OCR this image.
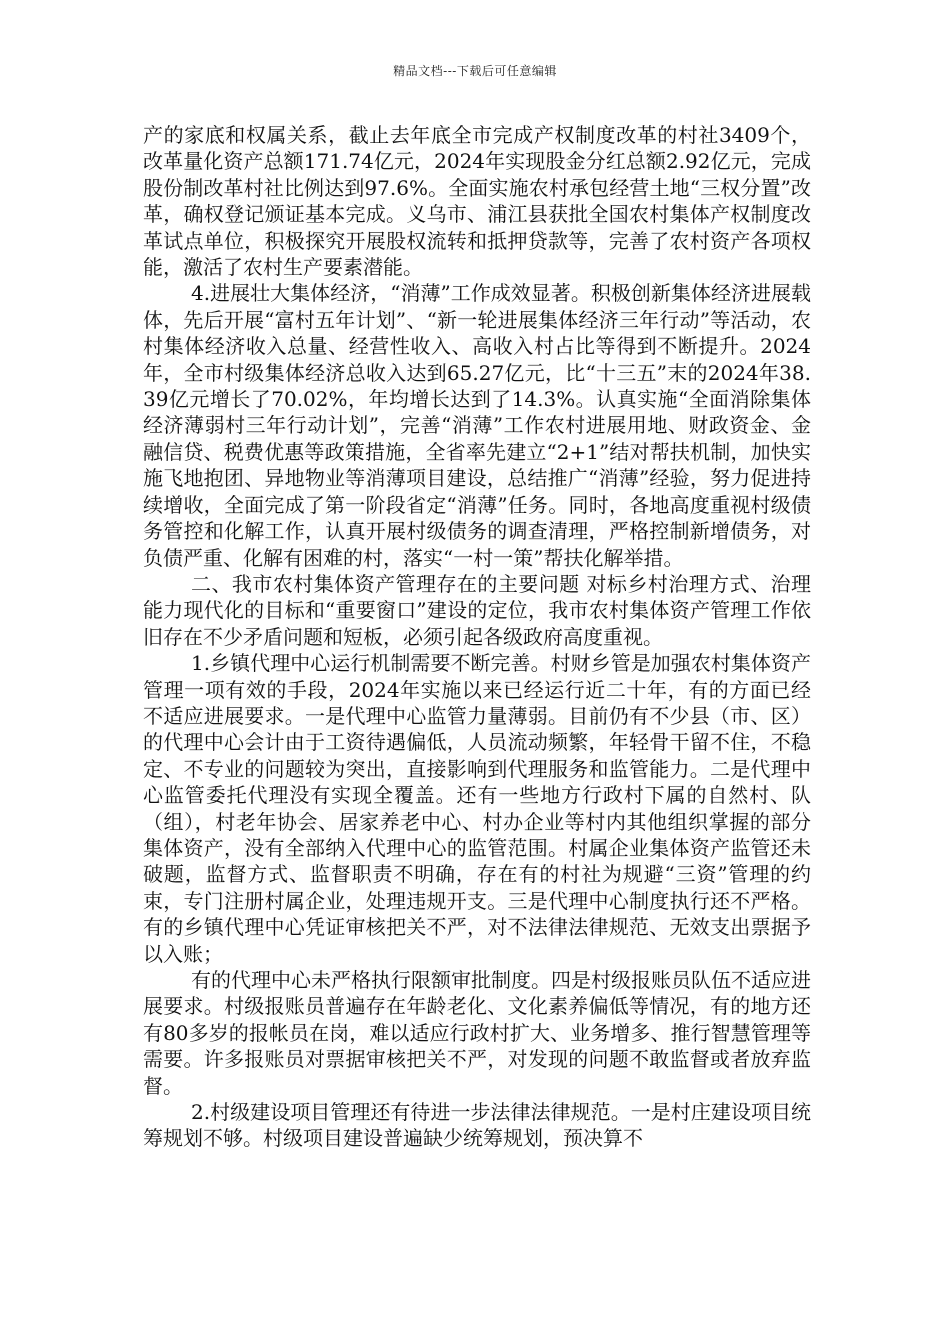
精品文档---下载后可任意编辑

产的家底和权属关系，截止去年底全市完成产权制度改革的村社3409个，改革量化资产总额171.74亿元，2024年实现股金分红总额2.92亿元，完成股份制改革村社比例达到97.6%。全面实施农村承包经营土地“三权分置”改革，确权登记颁证基本完成。义乌市、浦江县获批全国农村集体产权制度改革试点单位，积极探究开展股权流转和抵押贷款等，完善了农村资产各项权能，激活了农村生产要素潜能。

4.进展壮大集体经济，“消薄”工作成效显著。积极创新集体经济进展载体，先后开展“富村五年计划”、“新一轮进展集体经济三年行动”等活动，农村集体经济收入总量、经营性收入、高收入村占比等得到不断提升。2024年，全市村级集体经济总收入达到65.27亿元，比“十三五”末的2024年38.39亿元增长了70.02%，年均增长达到了14.3%。认真实施“全面消除集体经济薄弱村三年行动计划”，完善“消薄”工作农村进展用地、财政资金、金融信贷、税费优惠等政策措施，全省率先建立“2+1”结对帮扶机制，加快实施飞地抱团、异地物业等消薄项目建设，总结推广“消薄”经验，努力促进持续增收，全面完成了第一阶段省定“消薄”任务。同时，各地高度重视村级债务管控和化解工作，认真开展村级债务的调查清理，严格控制新增债务，对负债严重、化解有困难的村，落实“一村一策”帮扶化解举措。

二、我市农村集体资产管理存在的主要问题 对标乡村治理方式、治理能力现代化的目标和“重要窗口”建设的定位，我市农村集体资产管理工作依旧存在不少矛盾问题和短板，必须引起各级政府高度重视。

1.乡镇代理中心运行机制需要不断完善。村财乡管是加强农村集体资产管理一项有效的手段，2024年实施以来已经运行近二十年，有的方面已经不适应进展要求。一是代理中心监管力量薄弱。目前仍有不少县（市、区）的代理中心会计由于工资待遇偏低，人员流动频繁，年轻骨干留不住，不稳定、不专业的问题较为突出，直接影响到代理服务和监管能力。二是代理中心监管委托代理没有实现全覆盖。还有一些地方行政村下属的自然村、队（组），村老年协会、居家养老中心、村办企业等村内其他组织掌握的部分集体资产，没有全部纳入代理中心的监管范围。村属企业集体资产监管还未破题，监督方式、监督职责不明确，存在有的村社为规避“三资”管理的约束，专门注册村属企业，处理违规开支。三是代理中心制度执行还不严格。有的乡镇代理中心凭证审核把关不严，对不法律法律规范、无效支出票据予以入账；

有的代理中心未严格执行限额审批制度。四是村级报账员队伍不适应进展要求。村级报账员普遍存在年龄老化、文化素养偏低等情况，有的地方还有80多岁的报帐员在岗，难以适应行政村扩大、业务增多、推行智慧管理等需要。许多报账员对票据审核把关不严，对发现的问题不敢监督或者放弃监督。

2.村级建设项目管理还有待进一步法律法律规范。一是村庄建设项目统筹规划不够。村级项目建设普遍缺少统筹规划，预决算不
